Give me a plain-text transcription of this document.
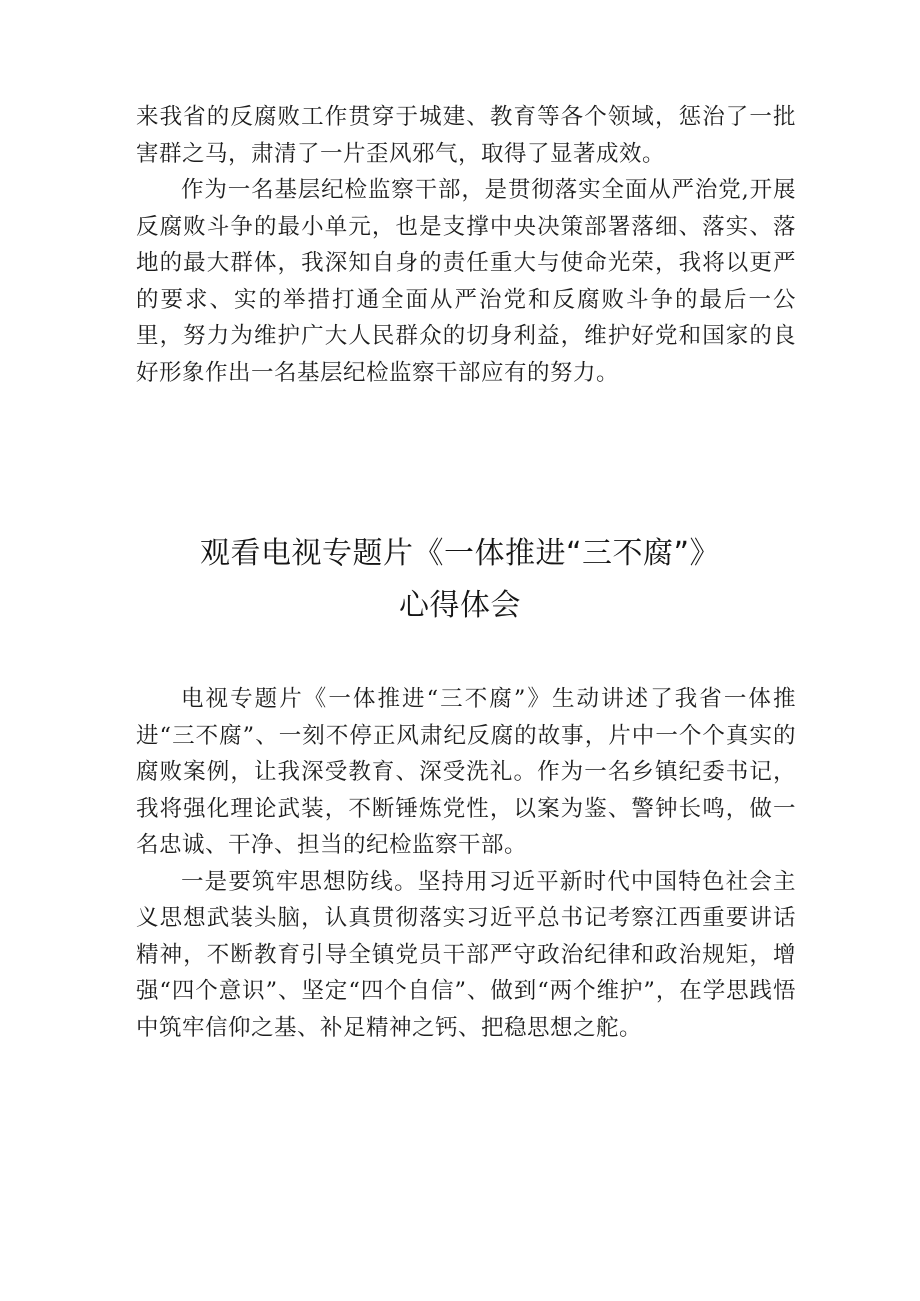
来我省的反腐败工作贯穿于城建、教育等各个领域，惩治了一批害群之马，肃清了一片歪风邪气，取得了显著成效。

作为一名基层纪检监察干部，是贯彻落实全面从严治党,开展反腐败斗争的最小单元，也是支撑中央决策部署落细、落实、落地的最大群体，我深知自身的责任重大与使命光荣，我将以更严的要求、实的举措打通全面从严治党和反腐败斗争的最后一公里，努力为维护广大人民群众的切身利益，维护好党和国家的良好形象作出一名基层纪检监察干部应有的努力。

观看电视专题片《一体推进“三不腐”》
心得体会

电视专题片《一体推进“三不腐”》生动讲述了我省一体推进“三不腐”、一刻不停正风肃纪反腐的故事，片中一个个真实的腐败案例，让我深受教育、深受洗礼。作为一名乡镇纪委书记，我将强化理论武装，不断锤炼党性，以案为鉴、警钟长鸣，做一名忠诚、干净、担当的纪检监察干部。

一是要筑牢思想防线。坚持用习近平新时代中国特色社会主义思想武装头脑，认真贯彻落实习近平总书记考察江西重要讲话精神，不断教育引导全镇党员干部严守政治纪律和政治规矩，增强“四个意识”、坚定“四个自信”、做到“两个维护”，在学思践悟中筑牢信仰之基、补足精神之钙、把稳思想之舵。
